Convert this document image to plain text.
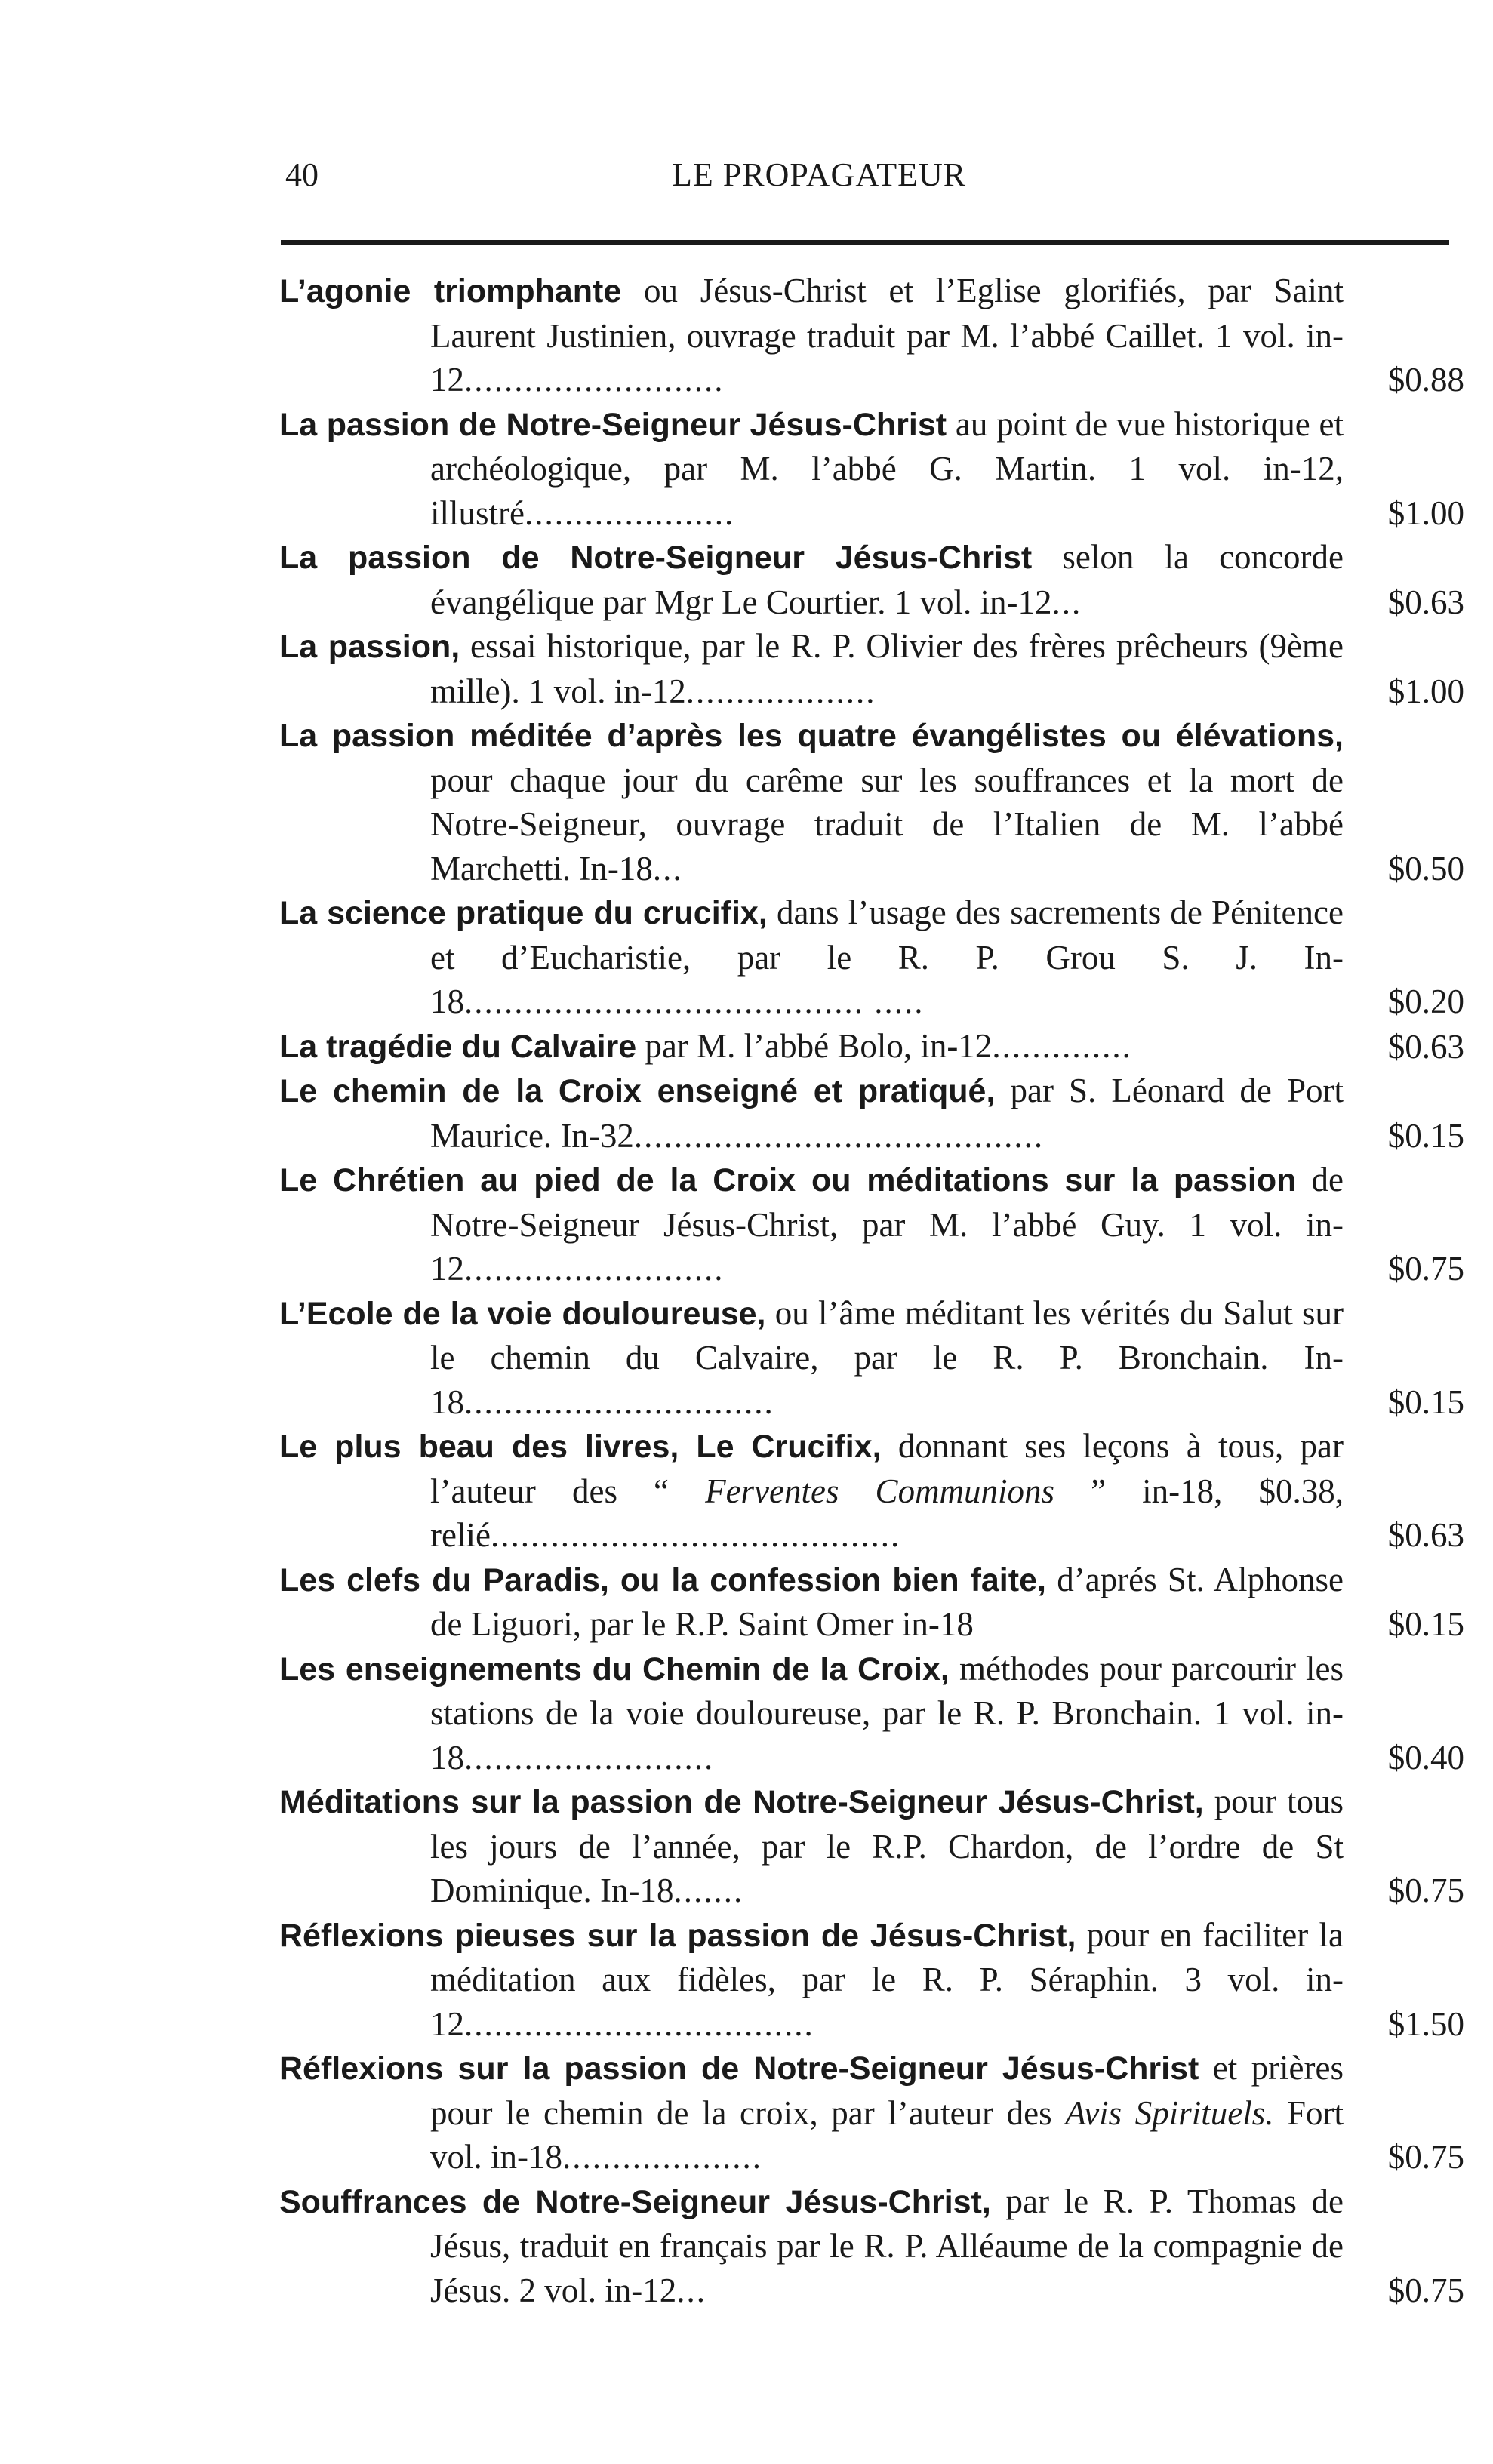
40	LE PROPAGATEUR
L’agonie triomphante ou Jésus-Christ et l’Eglise glorifiés, par Saint Laurent Justinien, ouvrage traduit par M. l’abbé Caillet. 1 vol. in-12..........................	$0.88
La passion de Notre-Seigneur Jésus-Christ au point de vue historique et archéologique, par M. l’abbé G. Martin. 1 vol. in-12, illustré.....................	$1.00
La passion de Notre-Seigneur Jésus-Christ selon la concorde évangélique par Mgr Le Courtier. 1 vol. in-12...	$0.63
La passion, essai historique, par le R. P. Olivier des frères prêcheurs (9ème mille). 1 vol. in-12...................	$1.00
La passion méditée d’après les quatre évangélistes ou élévations, pour chaque jour du carême sur les souffrances et la mort de Notre-Seigneur, ouvrage traduit de l’Italien de M. l’abbé Marchetti. In-18...	$0.50
La science pratique du crucifix, dans l’usage des sacrements de Pénitence et d’Eucharistie, par le R. P. Grou S. J. In-18........................................ .....	$0.20
La tragédie du Calvaire par M. l’abbé Bolo, in-12..............	$0.63
Le chemin de la Croix enseigné et pratiqué, par S. Léonard de Port Maurice. In-32.........................................	$0.15
Le Chrétien au pied de la Croix ou méditations sur la passion de Notre-Seigneur Jésus-Christ, par M. l’abbé Guy. 1 vol. in-12..........................	$0.75
L’Ecole de la voie douloureuse, ou l’âme méditant les vérités du Salut sur le chemin du Calvaire, par le R. P. Bronchain. In-18...............................	$0.15
Le plus beau des livres, Le Crucifix, donnant ses leçons à tous, par l’auteur des “ Ferventes Communions ” in-18, $0.38, relié.........................................	$0.63
Les clefs du Paradis, ou la confession bien faite, d’aprés St. Alphonse de Liguori, par le R.P. Saint Omer in-18	$0.15
Les enseignements du Chemin de la Croix, méthodes pour parcourir les stations de la voie douloureuse, par le R. P. Bronchain. 1 vol. in-18.........................	$0.40
Méditations sur la passion de Notre-Seigneur Jésus-Christ, pour tous les jours de l’année, par le R.P. Chardon, de l’ordre de St Dominique. In-18.......	$0.75
Réflexions pieuses sur la passion de Jésus-Christ, pour en faciliter la méditation aux fidèles, par le R. P. Séraphin. 3 vol. in-12...................................	$1.50
Réflexions sur la passion de Notre-Seigneur Jésus-Christ et prières pour le chemin de la croix, par l’auteur des Avis Spirituels. Fort vol. in-18....................	$0.75
Souffrances de Notre-Seigneur Jésus-Christ, par le R. P. Thomas de Jésus, traduit en français par le R. P. Alléaume de la compagnie de Jésus. 2 vol. in-12...	$0.75
